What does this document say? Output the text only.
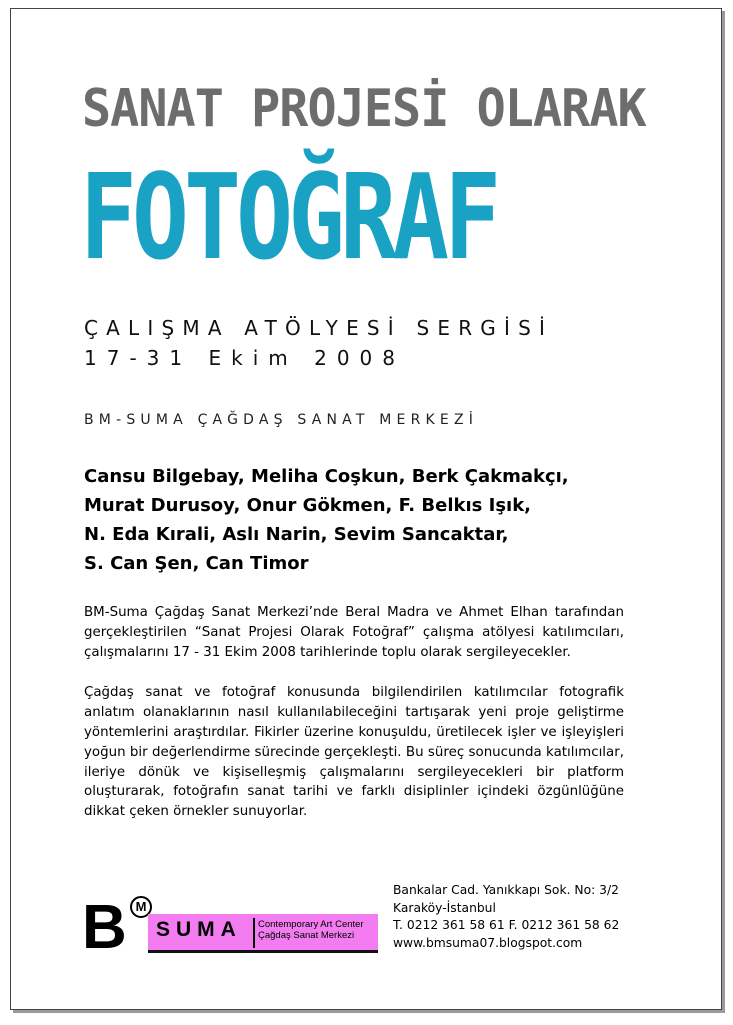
SANAT PROJESİ OLARAK
FOTOĞRAF
ÇALIŞMA ATÖLYESİ SERGİSİ
17-31 Ekim 2008
BM-SUMA ÇAĞDAŞ SANAT MERKEZİ
Cansu Bilgebay, Meliha Coşkun, Berk Çakmakçı,
Murat Durusoy, Onur Gökmen, F. Belkıs Işık,
N. Eda Kırali, Aslı Narin, Sevim Sancaktar,
S. Can Şen, Can Timor

BM-Suma Çağdaş Sanat Merkezi’nde Beral Madra ve Ahmet Elhan tarafından gerçekleştirilen “Sanat Projesi Olarak Fotoğraf” çalışma atölyesi katılımcıları, çalışmalarını 17 - 31 Ekim 2008 tarihlerinde toplu olarak sergileyecekler.

Çağdaş sanat ve fotoğraf konusunda bilgilendirilen katılımcılar fotografik anlatım olanaklarının nasıl kullanılabileceğini tartışarak yeni proje geliştirme yöntemlerini araştırdılar. Fikirler üzerine konuşuldu, üretilecek işler ve işleyişleri yoğun bir değerlendirme sürecinde gerçekleşti. Bu süreç sonucunda katılımcılar, ileriye dönük ve kişiselleşmiş çalışmalarını sergileyecekleri bir platform oluşturarak, fotoğrafın sanat tarihi ve farklı disiplinler içindeki özgünlüğüne dikkat çeken örnekler sunuyorlar.

B M
SUMA Contemporary Art Center
Çağdaş Sanat Merkezi
Bankalar Cad. Yanıkkapı Sok. No: 3/2
Karaköy-İstanbul
T. 0212 361 58 61 F. 0212 361 58 62
www.bmsuma07.blogspot.com
